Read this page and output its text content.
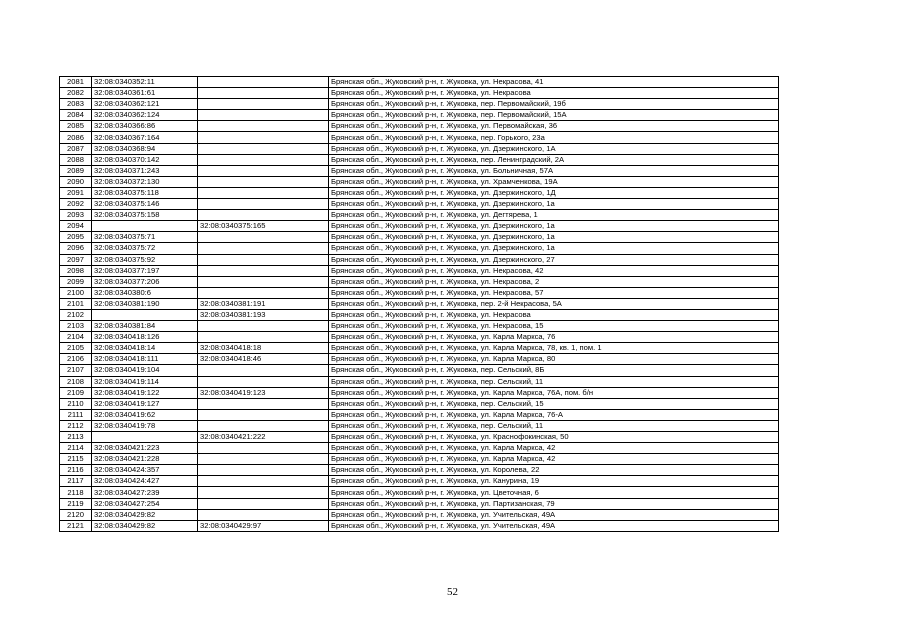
2081	32:08:0340352:11		Брянская обл., Жуковский р-н, г. Жуковка, ул. Некрасова, 41
2082	32:08:0340361:61		Брянская обл., Жуковский р-н, г. Жуковка, ул. Некрасова
2083	32:08:0340362:121		Брянская обл., Жуковский р-н, г. Жуковка, пер. Первомайский, 19б
2084	32:08:0340362:124		Брянская обл., Жуковский р-н, г. Жуковка, пер. Первомайский, 15А
2085	32:08:0340366:86		Брянская обл., Жуковский р-н, г. Жуковка, ул. Первомайская, 36
2086	32:08:0340367:164		Брянская обл., Жуковский р-н, г. Жуковка, пер. Горького, 23а
2087	32:08:0340368:94		Брянская обл., Жуковский р-н, г. Жуковка, ул. Дзержинского, 1А
2088	32:08:0340370:142		Брянская обл., Жуковский р-н, г. Жуковка, пер. Ленинградский, 2А
2089	32:08:0340371:243		Брянская обл., Жуковский р-н, г. Жуковка, ул. Больничная, 57А
2090	32:08:0340372:130		Брянская обл., Жуковский р-н, г. Жуковка, ул. Храмченкова, 19А
2091	32:08:0340375:118		Брянская обл., Жуковский р-н, г. Жуковка, ул. Дзержинского, 1Д
2092	32:08:0340375:146		Брянская обл., Жуковский р-н, г. Жуковка, ул. Дзержинского, 1а
2093	32:08:0340375:158		Брянская обл., Жуковский р-н, г. Жуковка, ул. Дегтярева, 1
2094		32:08:0340375:165	Брянская обл., Жуковский р-н, г. Жуковка, ул. Дзержинского, 1а
2095	32:08:0340375:71		Брянская обл., Жуковский р-н, г. Жуковка, ул. Дзержинского, 1а
2096	32:08:0340375:72		Брянская обл., Жуковский р-н, г. Жуковка, ул. Дзержинского, 1а
2097	32:08:0340375:92		Брянская обл., Жуковский р-н, г. Жуковка, ул. Дзержинского, 27
2098	32:08:0340377:197		Брянская обл., Жуковский р-н, г. Жуковка, ул. Некрасова, 42
2099	32:08:0340377:206		Брянская обл., Жуковский р-н, г. Жуковка, ул. Некрасова, 2
2100	32:08:0340380:6		Брянская обл., Жуковский р-н, г. Жуковка, ул. Некрасова, 57
2101	32:08:0340381:190	32:08:0340381:191	Брянская обл., Жуковский р-н, г. Жуковка, пер. 2-й Некрасова, 5А
2102		32:08:0340381:193	Брянская обл., Жуковский р-н, г. Жуковка, ул. Некрасова
2103	32:08:0340381:84		Брянская обл., Жуковский р-н, г. Жуковка, ул. Некрасова, 15
2104	32:08:0340418:126		Брянская обл., Жуковский р-н, г. Жуковка, ул. Карла Маркса, 76
2105	32:08:0340418:14	32:08:0340418:18	Брянская обл., Жуковский р-н, г. Жуковка, ул. Карла Маркса, 78, кв. 1, пом. 1
2106	32:08:0340418:111	32:08:0340418:46	Брянская обл., Жуковский р-н, г. Жуковка, ул. Карла Маркса, 80
2107	32:08:0340419:104		Брянская обл., Жуковский р-н, г. Жуковка, пер. Сельский, 8Б
2108	32:08:0340419:114		Брянская обл., Жуковский р-н, г. Жуковка, пер. Сельский, 11
2109	32:08:0340419:122	32:08:0340419:123	Брянская обл., Жуковский р-н, г. Жуковка, ул. Карла Маркса, 76А, пом. б/н
2110	32:08:0340419:127		Брянская обл., Жуковский р-н, г. Жуковка, пер. Сельский, 15
2111	32:08:0340419:62		Брянская обл., Жуковский р-н, г. Жуковка, ул. Карла Маркса, 76-А
2112	32:08:0340419:78		Брянская обл., Жуковский р-н, г. Жуковка, пер. Сельский, 11
2113		32:08:0340421:222	Брянская обл., Жуковский р-н, г. Жуковка, ул. Краснофокинская, 50
2114	32:08:0340421:223		Брянская обл., Жуковский р-н, г. Жуковка, ул. Карла Маркса, 42
2115	32:08:0340421:228		Брянская обл., Жуковский р-н, г. Жуковка, ул. Карла Маркса, 42
2116	32:08:0340424:357		Брянская обл., Жуковский р-н, г. Жуковка, ул. Королева, 22
2117	32:08:0340424:427		Брянская обл., Жуковский р-н, г. Жуковка, ул. Канурина, 19
2118	32:08:0340427:239		Брянская обл., Жуковский р-н, г. Жуковка, ул. Цветочная, 6
2119	32:08:0340427:254		Брянская обл., Жуковский р-н, г. Жуковка, ул. Партизанская, 79
2120	32:08:0340429:82		Брянская обл., Жуковский р-н, г. Жуковка, ул. Учительская, 49А
2121	32:08:0340429:82	32:08:0340429:97	Брянская обл., Жуковский р-н, г. Жуковка, ул. Учительская, 49А
52
